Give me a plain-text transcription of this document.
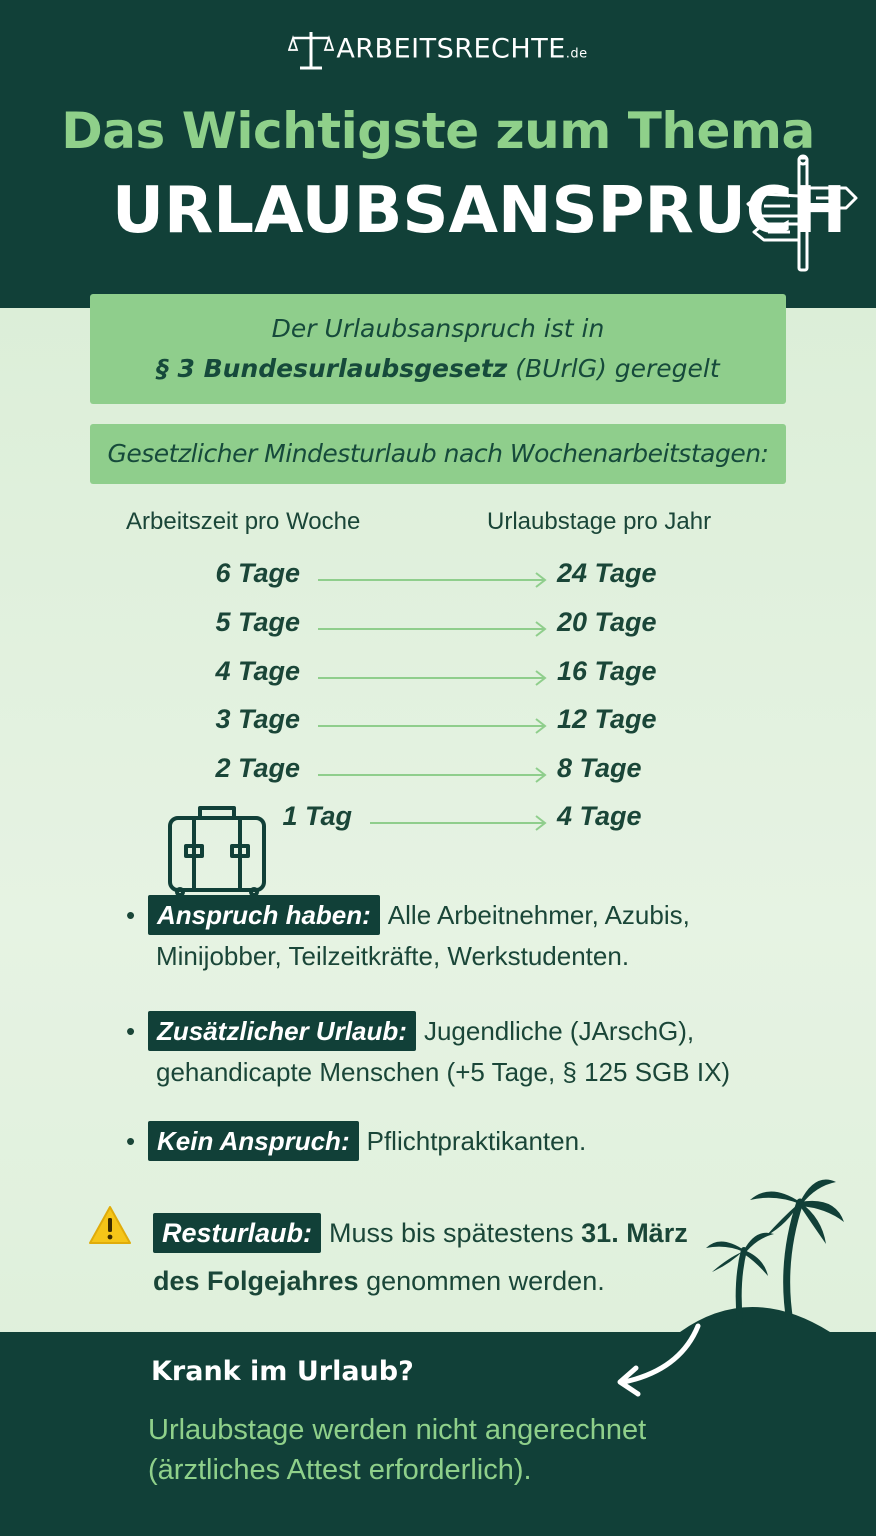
ARBEITSRECHTE.de
Das Wichtigste zum Thema
URLAUBSANSPRUCH
Der Urlaubsanspruch ist in
§ 3 Bundesurlaubsgesetz (BUrlG) geregelt
Gesetzlicher Mindesturlaub nach Wochenarbeitstagen:
Arbeitszeit pro Woche	Urlaubstage pro Jahr
6 Tage	24 Tage
5 Tage	20 Tage
4 Tage	16 Tage
3 Tage	12 Tage
2 Tage	8 Tage
1 Tag	4 Tage
• Anspruch haben: Alle Arbeitnehmer, Azubis,
Minijobber, Teilzeitkräfte, Werkstudenten.
• Zusätzlicher Urlaub: Jugendliche (JArschG),
gehandicapte Menschen (+5 Tage, § 125 SGB IX)
• Kein Anspruch: Pflichtpraktikanten.
Resturlaub: Muss bis spätestens 31. März
des Folgejahres genommen werden.
Krank im Urlaub?
Urlaubstage werden nicht angerechnet
(ärztliches Attest erforderlich).
